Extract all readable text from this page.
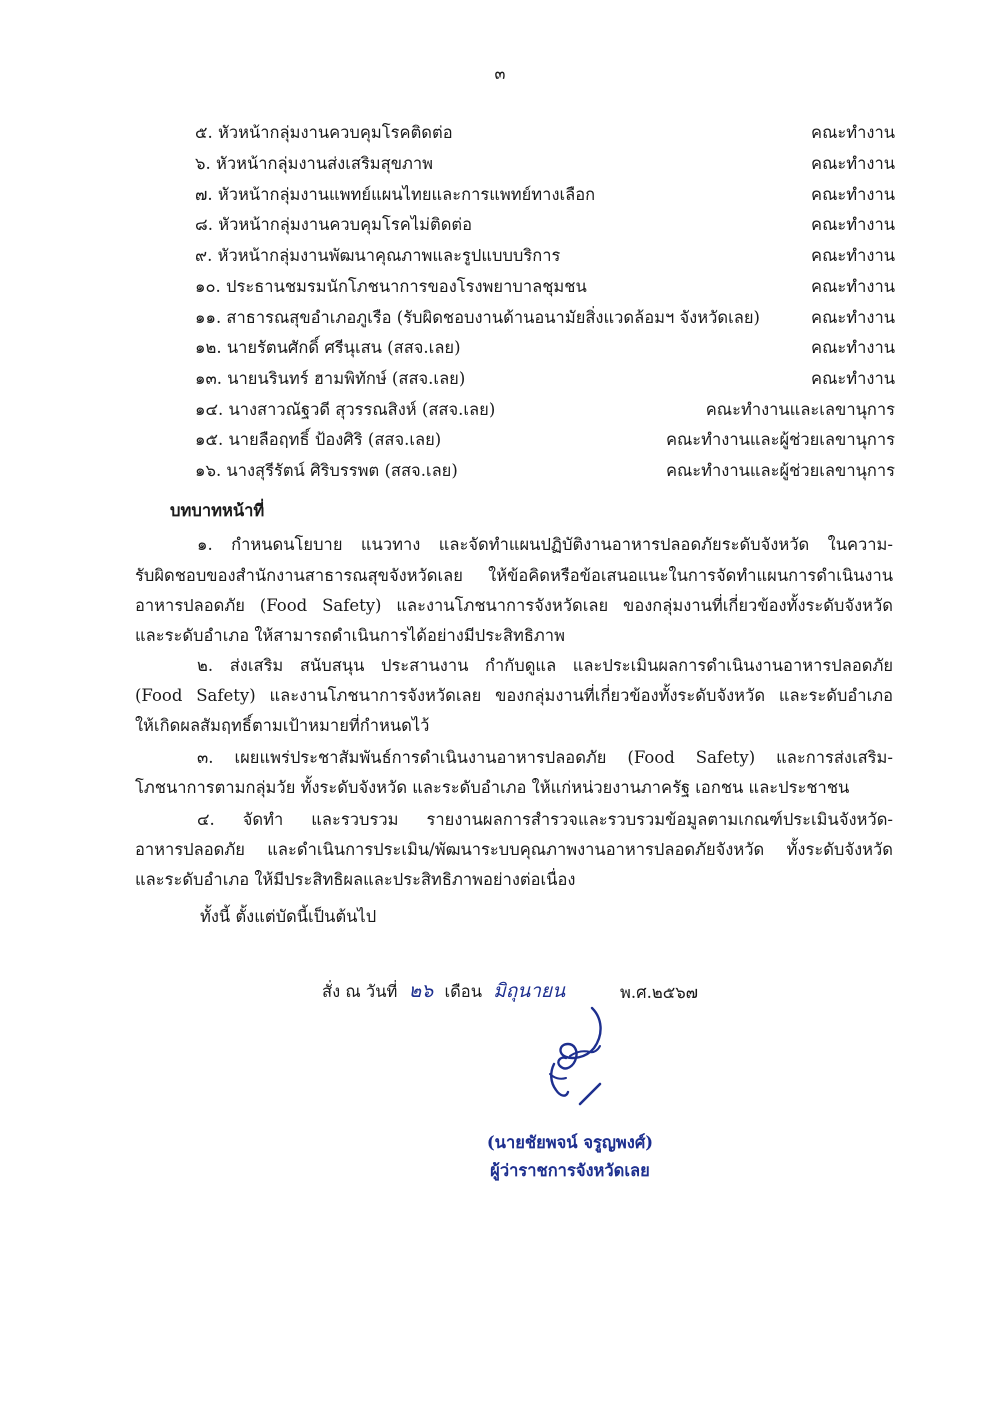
๓
๕. หัวหน้ากลุ่มงานควบคุมโรคติดต่อ	คณะทำงาน
๖. หัวหน้ากลุ่มงานส่งเสริมสุขภาพ	คณะทำงาน
๗. หัวหน้ากลุ่มงานแพทย์แผนไทยและการแพทย์ทางเลือก	คณะทำงาน
๘. หัวหน้ากลุ่มงานควบคุมโรคไม่ติดต่อ	คณะทำงาน
๙. หัวหน้ากลุ่มงานพัฒนาคุณภาพและรูปแบบบริการ	คณะทำงาน
๑๐. ประธานชมรมนักโภชนาการของโรงพยาบาลชุมชน	คณะทำงาน
๑๑. สาธารณสุขอำเภอภูเรือ (รับผิดชอบงานด้านอนามัยสิ่งแวดล้อมฯ จังหวัดเลย)	คณะทำงาน
๑๒. นายรัตนศักดิ์ ศรีนุเสน (สสจ.เลย)	คณะทำงาน
๑๓. นายนรินทร์ ฮามพิทักษ์ (สสจ.เลย)	คณะทำงาน
๑๔. นางสาวณัฐวดี สุวรรณสิงห์ (สสจ.เลย)	คณะทำงานและเลขานุการ
๑๕. นายลือฤทธิ์ ป้องศิริ (สสจ.เลย)	คณะทำงานและผู้ช่วยเลขานุการ
๑๖. นางสุรีรัตน์ ศิริบรรพต (สสจ.เลย)	คณะทำงานและผู้ช่วยเลขานุการ
บทบาทหน้าที่
๑. กำหนดนโยบาย แนวทาง และจัดทำแผนปฏิบัติงานอาหารปลอดภัยระดับจังหวัด ในความ-
รับผิดชอบของสำนักงานสาธารณสุขจังหวัดเลย ให้ข้อคิดหรือข้อเสนอแนะในการจัดทำแผนการดำเนินงาน
อาหารปลอดภัย (Food Safety) และงานโภชนาการจังหวัดเลย ของกลุ่มงานที่เกี่ยวข้องทั้งระดับจังหวัด
และระดับอำเภอ ให้สามารถดำเนินการได้อย่างมีประสิทธิภาพ
๒. ส่งเสริม สนับสนุน ประสานงาน กำกับดูแล และประเมินผลการดำเนินงานอาหารปลอดภัย
(Food Safety) และงานโภชนาการจังหวัดเลย ของกลุ่มงานที่เกี่ยวข้องทั้งระดับจังหวัด และระดับอำเภอ
ให้เกิดผลสัมฤทธิ์ตามเป้าหมายที่กำหนดไว้
๓. เผยแพร่ประชาสัมพันธ์การดำเนินงานอาหารปลอดภัย (Food Safety) และการส่งเสริม-
โภชนาการตามกลุ่มวัย ทั้งระดับจังหวัด และระดับอำเภอ ให้แก่หน่วยงานภาครัฐ เอกชน และประชาชน
๔. จัดทำ และรวบรวม รายงานผลการสำรวจและรวบรวมข้อมูลตามเกณฑ์ประเมินจังหวัด-
อาหารปลอดภัย และดำเนินการประเมิน/พัฒนาระบบคุณภาพงานอาหารปลอดภัยจังหวัด ทั้งระดับจังหวัด
และระดับอำเภอ ให้มีประสิทธิผลและประสิทธิภาพอย่างต่อเนื่อง
ทั้งนี้ ตั้งแต่บัดนี้เป็นต้นไป
สั่ง ณ วันที่ ๒๖ เดือน มิถุนายน	พ.ศ.๒๕๖๗
(นายชัยพจน์ จรูญพงศ์)
ผู้ว่าราชการจังหวัดเลย
